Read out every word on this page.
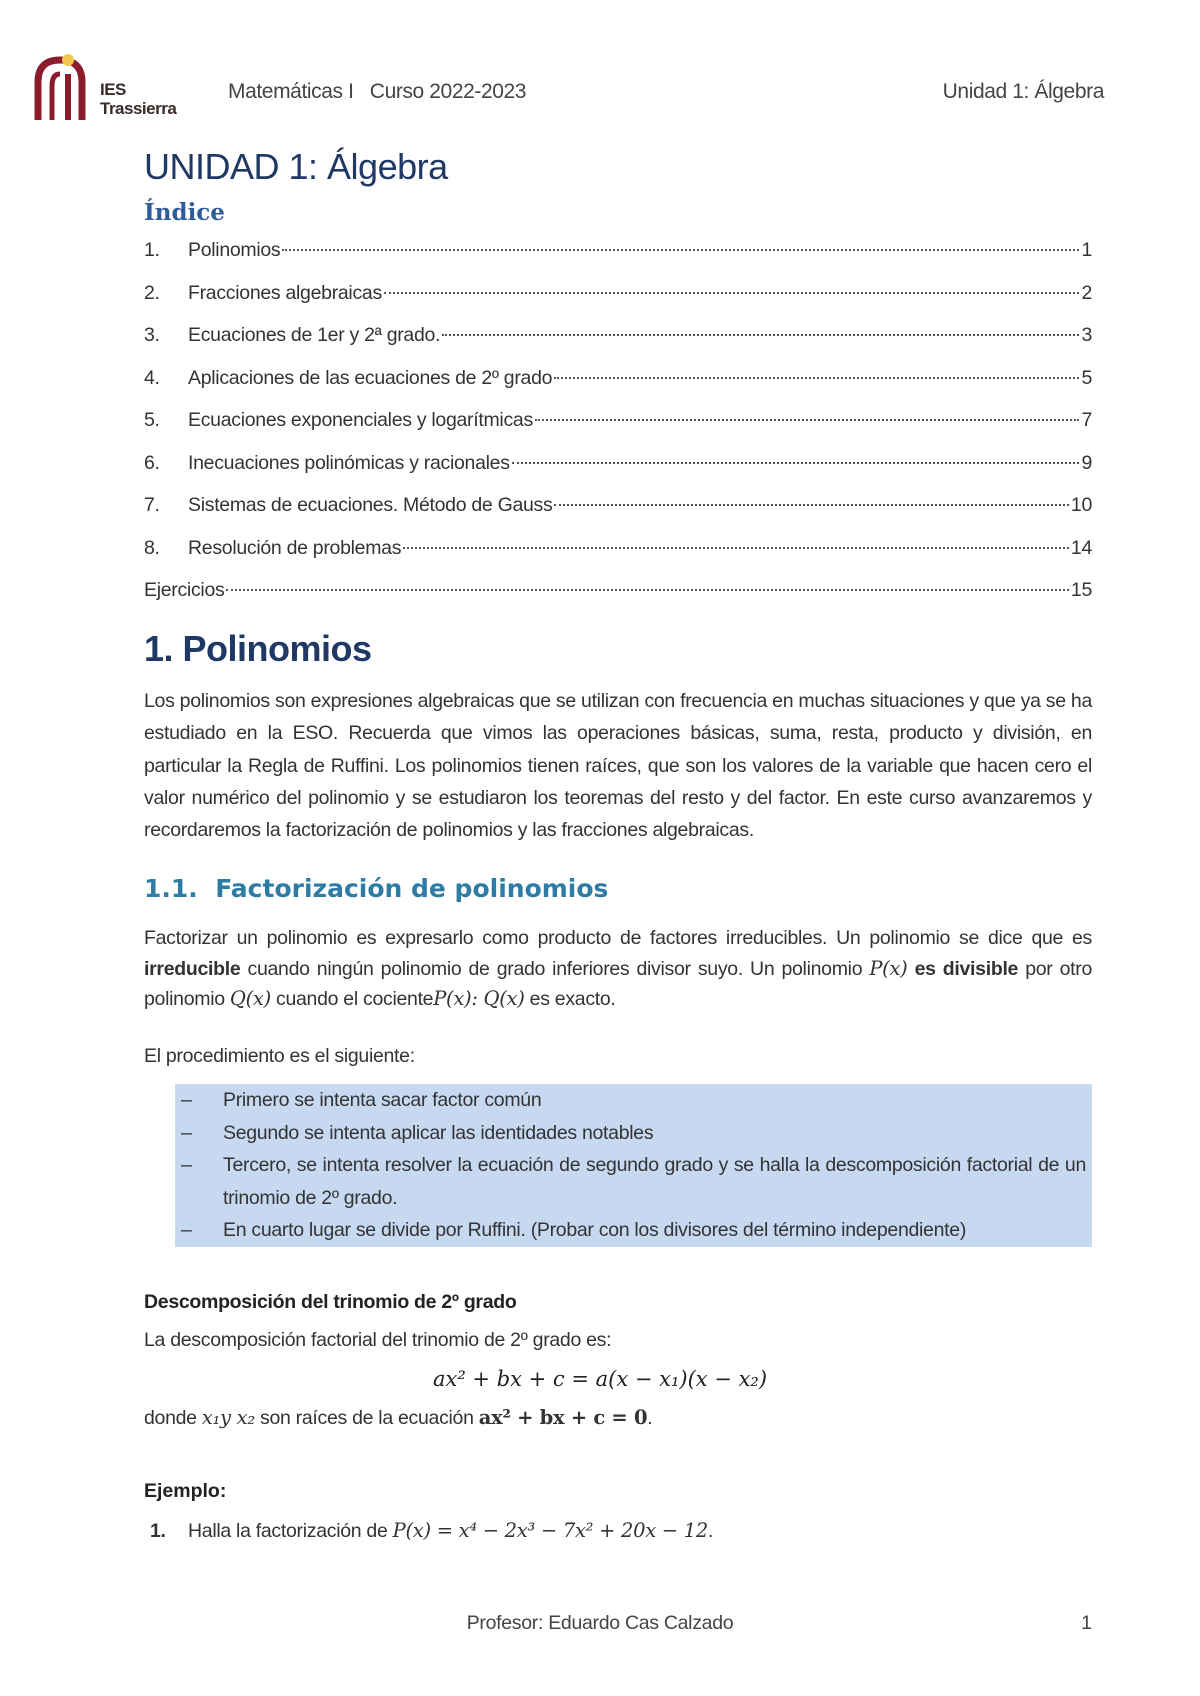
IES
Trassierra
Matemáticas I   Curso 2022-2023	Unidad 1: Álgebra
UNIDAD 1: Álgebra
Índice
1.	Polinomios	1
2.	Fracciones algebraicas	2
3.	Ecuaciones de 1er y 2ª grado.	3
4.	Aplicaciones de las ecuaciones de 2º grado	5
5.	Ecuaciones exponenciales y logarítmicas	7
6.	Inecuaciones polinómicas y racionales	9
7.	Sistemas de ecuaciones. Método de Gauss	10
8.	Resolución de problemas	14
Ejercicios	15
1. Polinomios

Los polinomios son expresiones algebraicas que se utilizan con frecuencia en muchas situaciones y que ya se ha estudiado en la ESO. Recuerda que vimos las operaciones básicas, suma, resta, producto y división, en particular la Regla de Ruffini. Los polinomios tienen raíces, que son los valores de la variable que hacen cero el valor numérico del polinomio y se estudiaron los teoremas del resto y del factor. En este curso avanzaremos y recordaremos la factorización de polinomios y las fracciones algebraicas.

1.1.  Factorización de polinomios

Factorizar un polinomio es expresarlo como producto de factores irreducibles. Un polinomio se dice que es irreducible cuando ningún polinomio de grado inferiores divisor suyo. Un polinomio P(x) es divisible por otro polinomio Q(x) cuando el cocienteP(x): Q(x) es exacto.

El procedimiento es el siguiente:

–	Primero se intenta sacar factor común
–	Segundo se intenta aplicar las identidades notables
–	Tercero, se intenta resolver la ecuación de segundo grado y se halla la descomposición factorial de un trinomio de 2º grado.
–	En cuarto lugar se divide por Ruffini. (Probar con los divisores del término independiente)

Descomposición del trinomio de 2º grado

La descomposición factorial del trinomio de 2º grado es:

ax² + bx + c = a(x − x₁)(x − x₂)

donde x₁y x₂ son raíces de la ecuación ax² + bx + c = 0.

Ejemplo:

1. Halla la factorización de P(x) = x⁴ − 2x³ − 7x² + 20x − 12.

Profesor: Eduardo Cas Calzado	1
